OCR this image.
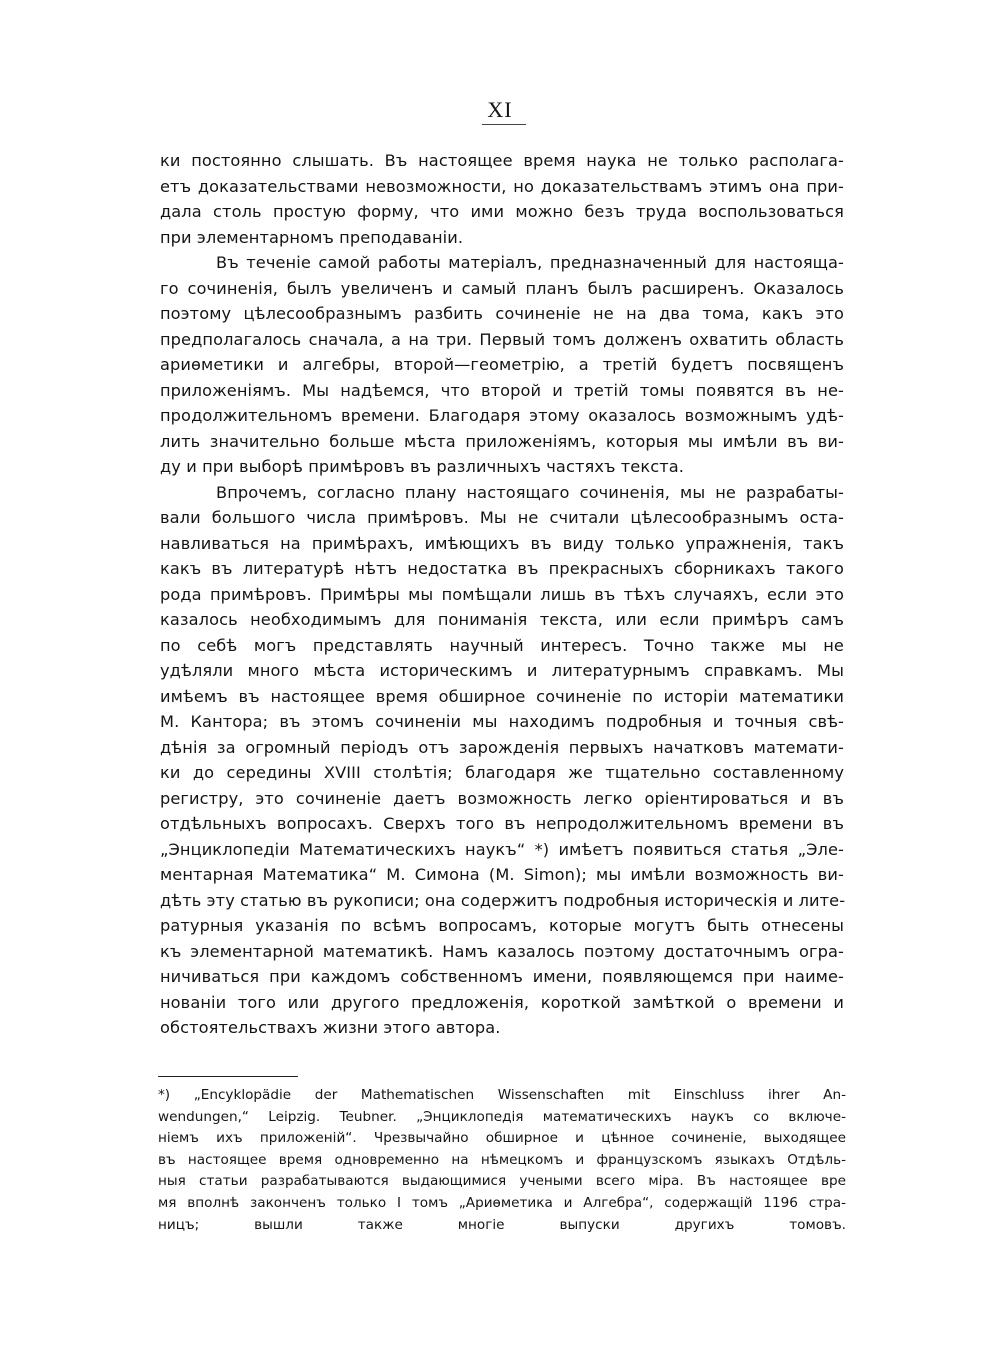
XI

ки постоянно слышать. Въ настоящее время наука не только располага-
етъ доказательствами невозможности, но доказательствамъ этимъ она при-
дала столь простую форму, что ими можно безъ труда воспользоваться
при элементарномъ преподаваніи.

Въ теченіе самой работы матеріалъ, предназначенный для настояща-
го сочиненія, былъ увеличенъ и самый планъ былъ расширенъ. Оказалось
поэтому цѣлесообразнымъ разбить сочиненіе не на два тома, какъ это
предполагалось сначала, а на три. Первый томъ долженъ охватить область
ариѳметики и алгебры, второй—геометрію, а третій будетъ посвященъ
приложеніямъ. Мы надѣемся, что второй и третій томы появятся въ не-
продолжительномъ времени. Благодаря этому оказалось возможнымъ удѣ-
лить значительно больше мѣста приложеніямъ, которыя мы имѣли въ ви-
ду и при выборѣ примѣровъ въ различныхъ частяхъ текста.

Впрочемъ, согласно плану настоящаго сочиненія, мы не разрабаты-
вали большого числа примѣровъ. Мы не считали цѣлесообразнымъ оста-
навливаться на примѣрахъ, имѣющихъ въ виду только упражненія, такъ
какъ въ литературѣ нѣтъ недостатка въ прекрасныхъ сборникахъ такого
рода примѣровъ. Примѣры мы помѣщали лишь въ тѣхъ случаяхъ, если это
казалось необходимымъ для пониманія текста, или если примѣръ самъ
по себѣ могъ представлять научный интересъ. Точно также мы не
удѣляли много мѣста историческимъ и литературнымъ справкамъ. Мы
имѣемъ въ настоящее время обширное сочиненіе по исторіи математики
М. Кантора; въ этомъ сочиненіи мы находимъ подробныя и точныя свѣ-
дѣнія за огромный періодъ отъ зарожденія первыхъ начатковъ математи-
ки до середины XVIII столѣтія; благодаря же тщательно составленному
регистру, это сочиненіе даетъ возможность легко оріентироваться и въ
отдѣльныхъ вопросахъ. Сверхъ того въ непродолжительномъ времени въ
„Энциклопедіи Математическихъ наукъ“ *) имѣетъ появиться статья „Эле-
ментарная Математика“ М. Симона (M. Simon); мы имѣли возможность ви-
дѣть эту статью въ рукописи; она содержитъ подробныя историческія и литe-
ратурныя указанія по всѣмъ вопросамъ, которые могутъ быть отнесены
къ элементарной математикѣ. Намъ казалось поэтому достаточнымъ огра-
ничиваться при каждомъ собственномъ имени, появляющемся при наиме-
нованіи того или другого предложенія, короткой замѣткой о времени и
обстоятельствахъ жизни этого автора.

*) „Encyklopädie der Mathematischen Wissenschaften mit Einschluss ihrer An-
wendungen,“ Leipzig. Teubner. „Энциклопедія математическихъ наукъ со включе-
ніемъ ихъ приложеній“. Чрезвычайно обширное и цѣнное сочиненіе, выходящее
въ настоящее время одновременно на нѣмецкомъ и французскомъ языкахъ Отдѣль-
ныя статьи разрабатываются выдающимися учеными всего міра. Въ настоящее вре
мя вполнѣ законченъ только I томъ „Ариѳметика и Алгебра“, содержащій 1196 стра-
ницъ; вышли также многіе выпуски другихъ томовъ.
